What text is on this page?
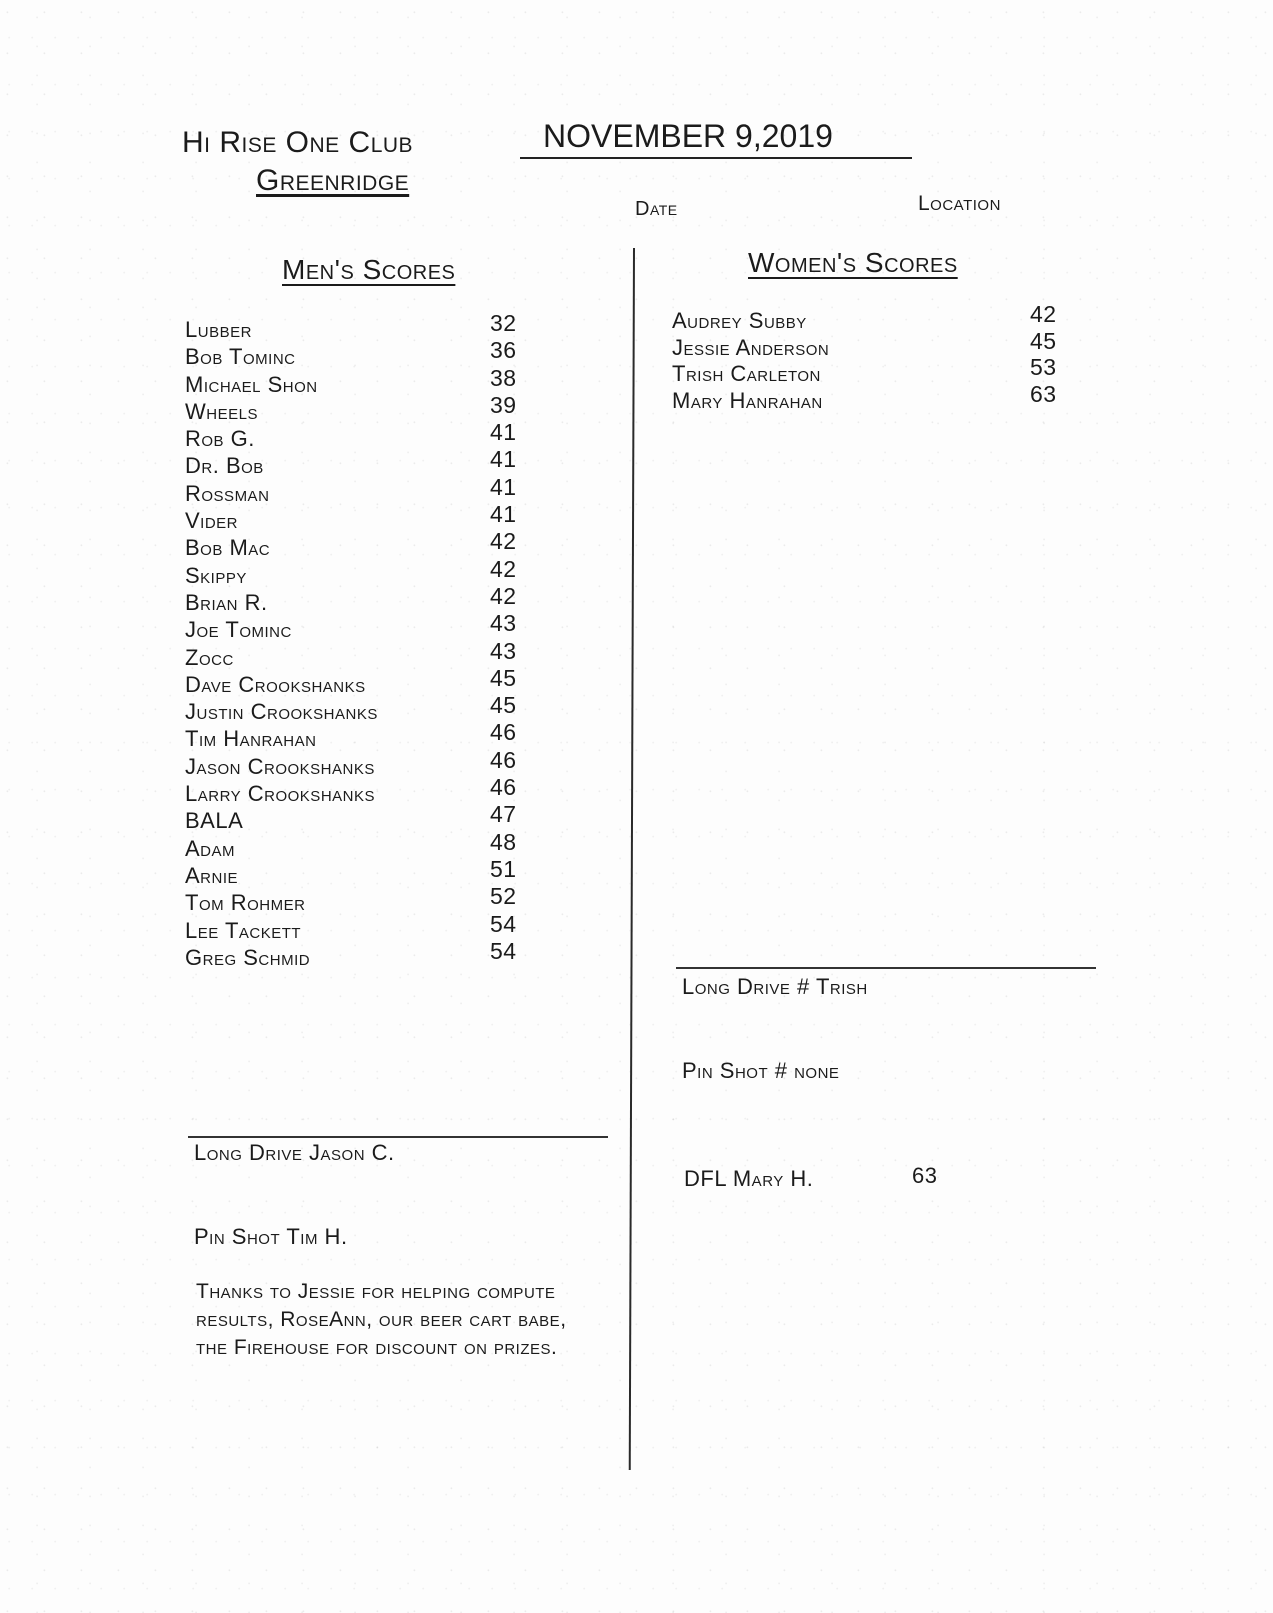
Hi Rise One Club
Greenridge
NOVEMBER 9,2019
Date	Location
Men's Scores
Lubber	32
Bob Tominc	36
Michael Shon	38
Wheels	39
Rob G.	41
Dr. Bob	41
Rossman	41
Vider	41
Bob Mac	42
Skippy	42
Brian R.	42
Joe Tominc	43
Zocc	43
Dave Crookshanks	45
Justin Crookshanks	45
Tim Hanrahan	46
Jason Crookshanks	46
Larry Crookshanks	46
BALA	47
Adam	48
Arnie	51
Tom Rohmer	52
Lee Tackett	54
Greg Schmid	54
Long Drive Jason C.
Pin Shot Tim H.
Thanks to Jessie for helping compute results, RoseAnn, our beer cart babe, the Firehouse for discount on prizes.
Women's Scores
Audrey Subby	42
Jessie Anderson	45
Trish Carleton	53
Mary Hanrahan	63
Long Drive # Trish
Pin Shot # none
DFL Mary H.	63
